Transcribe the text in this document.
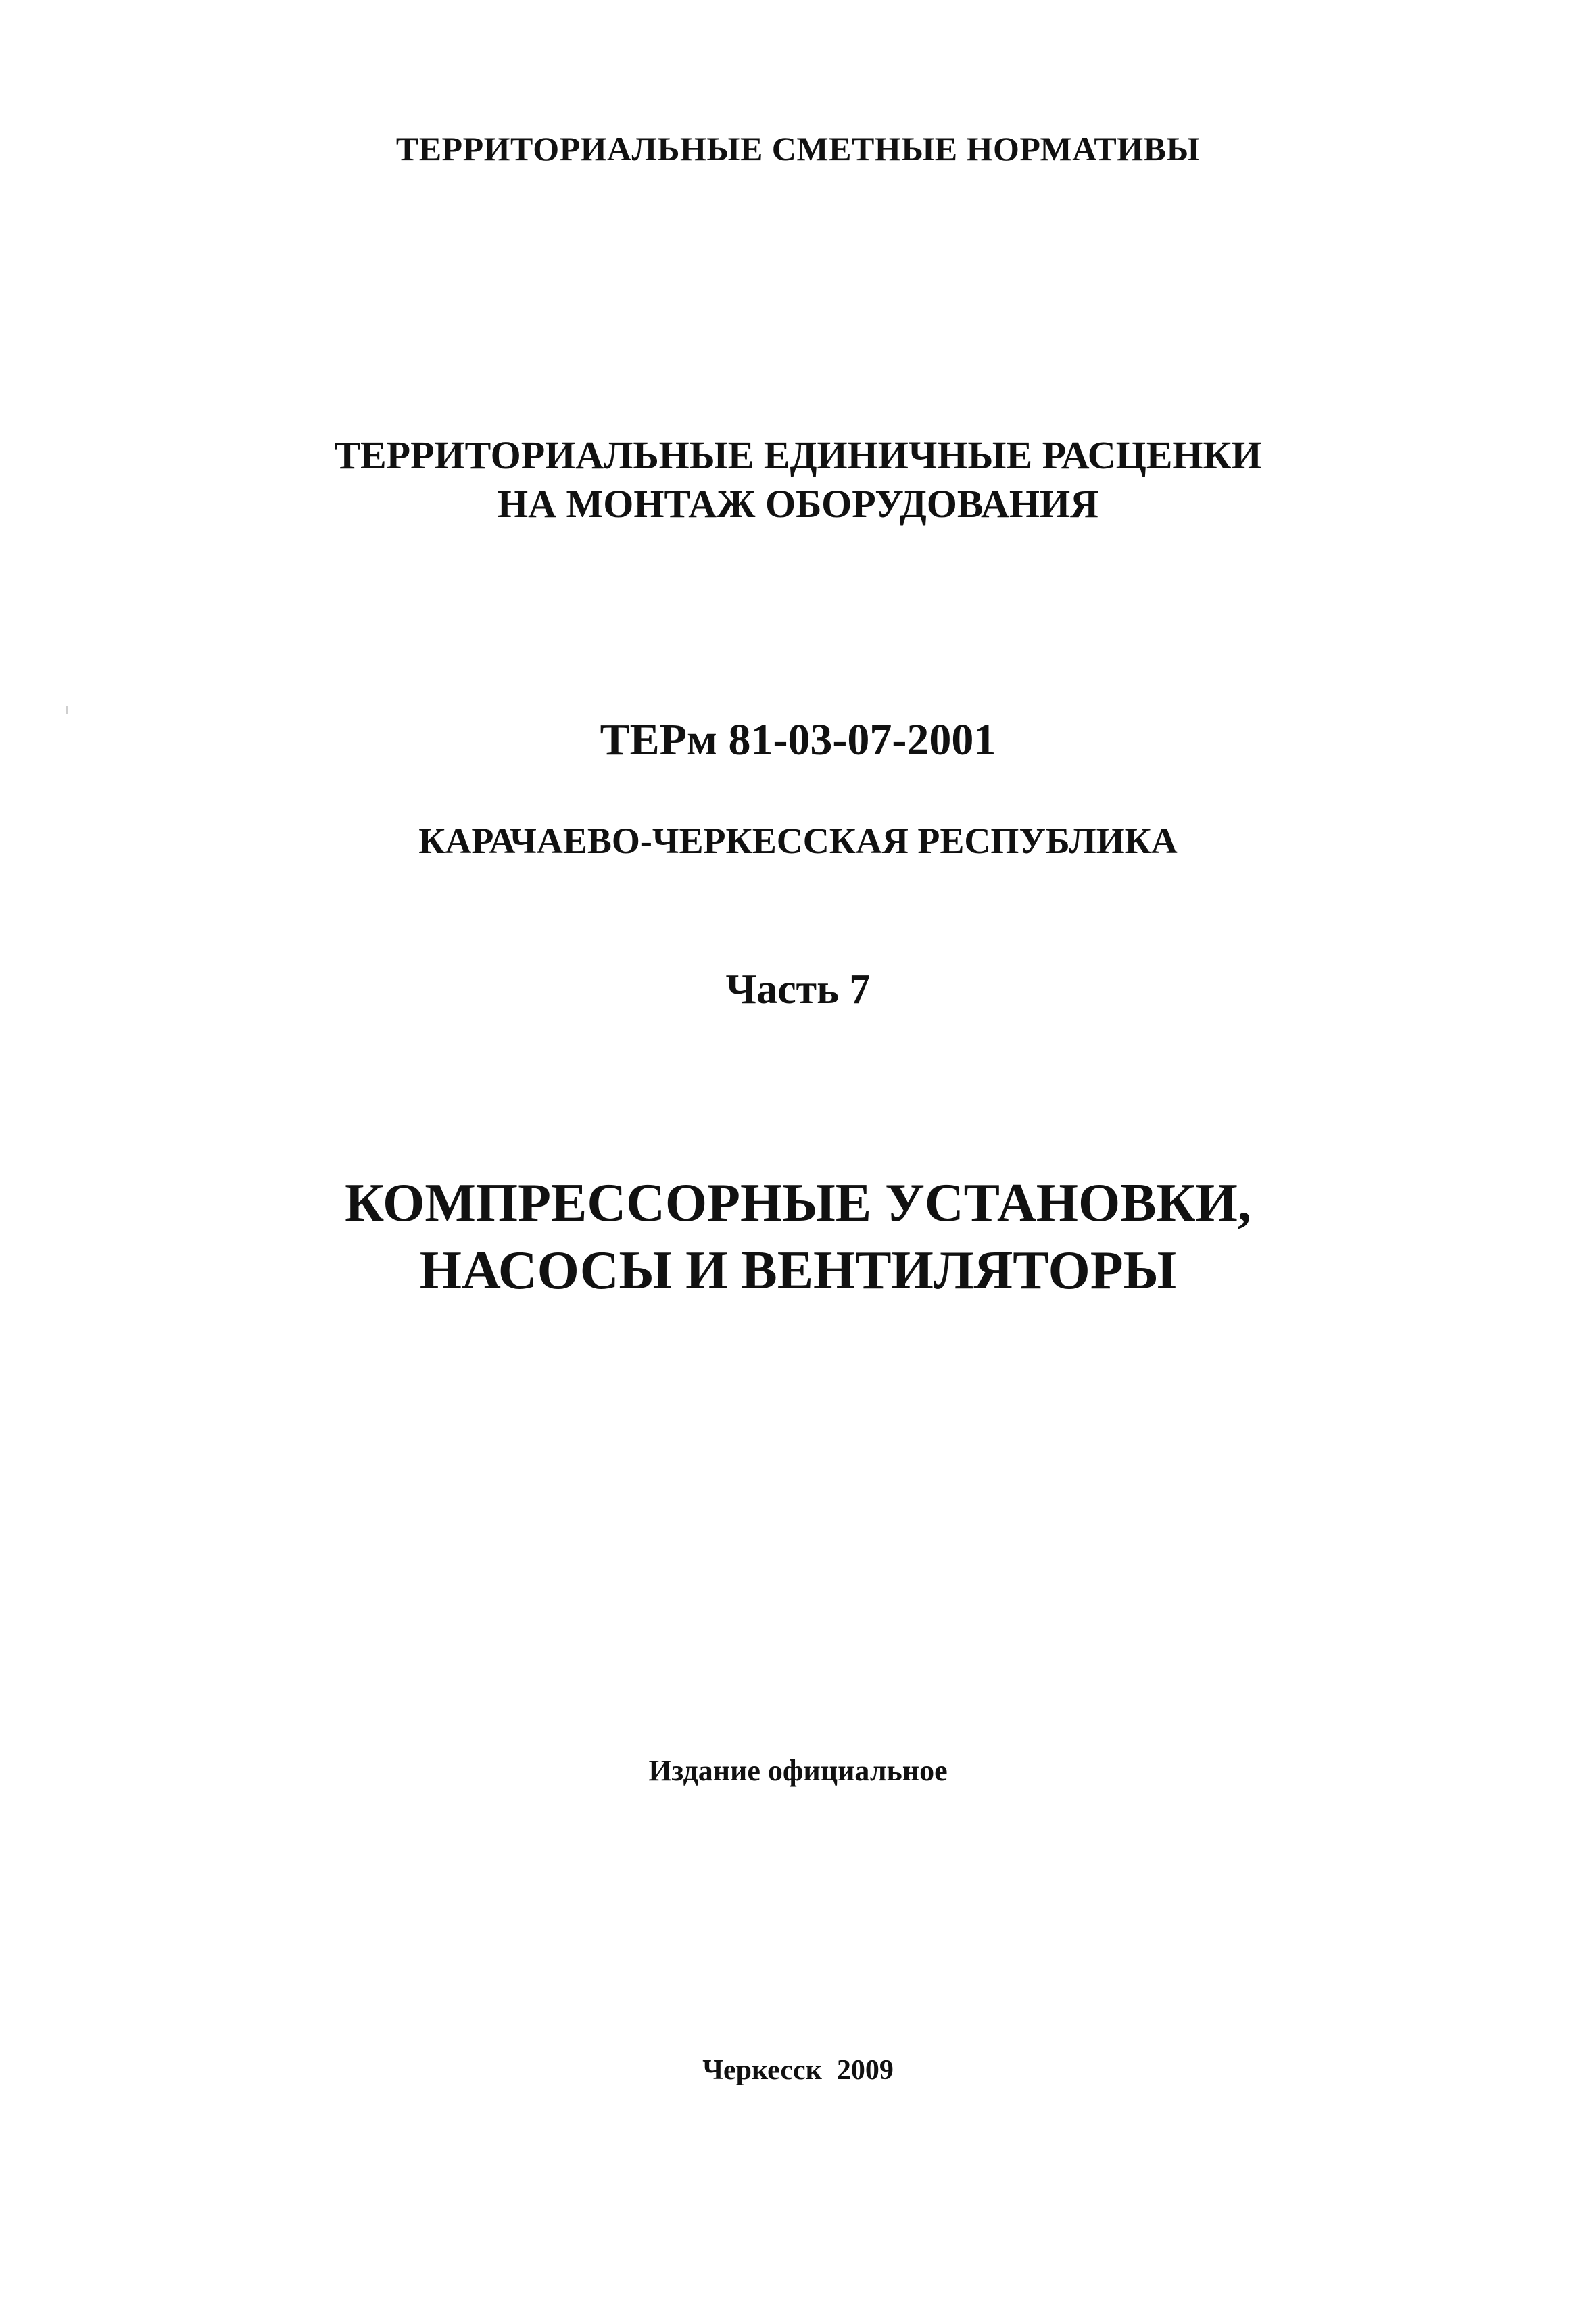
ТЕРРИТОРИАЛЬНЫЕ СМЕТНЫЕ НОРМАТИВЫ
ТЕРРИТОРИАЛЬНЫЕ ЕДИНИЧНЫЕ РАСЦЕНКИ
НА МОНТАЖ ОБОРУДОВАНИЯ
ТЕРм 81-03-07-2001
КАРАЧАЕВО-ЧЕРКЕССКАЯ РЕСПУБЛИКА
Часть 7
КОМПРЕССОРНЫЕ УСТАНОВКИ,
НАСОСЫ И ВЕНТИЛЯТОРЫ
Издание официальное
Черкесск 2009
